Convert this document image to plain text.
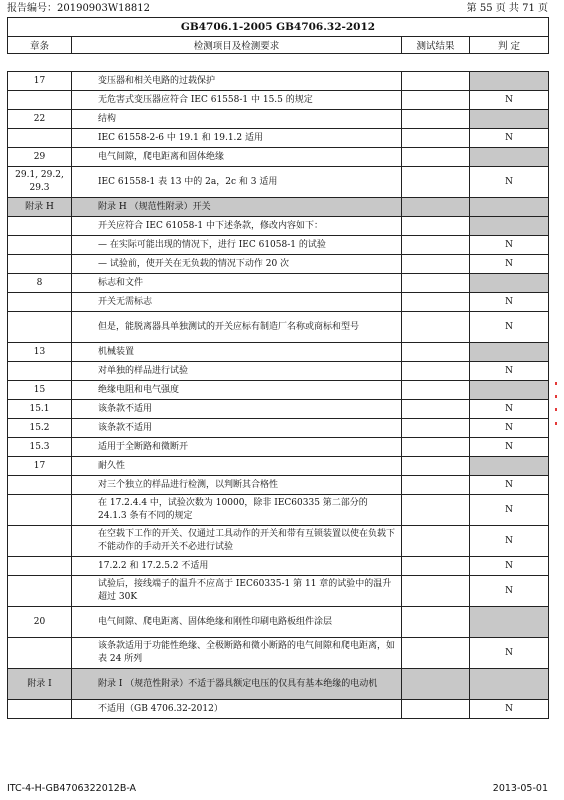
报告编号：20190903W18812	第 55 页 共 71 页
GB4706.1-2005 GB4706.32-2012
章条	检测项目及检测要求	测试结果	判 定
17	变压器和相关电路的过载保护		
	无危害式变压器应符合 IEC 61558-1 中 15.5 的规定		N
22	结构		
	IEC 61558-2-6 中 19.1 和 19.1.2 适用		N
29	电气间隙，爬电距离和固体绝缘		
29.1, 29.2, 29.3	IEC 61558-1 表 13 中的 2a，2c 和 3 适用		N
附录 H	附录 H （规范性附录）开关		
	开关应符合 IEC 61058-1 中下述条款，修改内容如下：		
	— 在实际可能出现的情况下，进行 IEC 61058-1 的试验		N
	— 试验前，使开关在无负载的情况下动作 20 次		N
8	标志和文件		
	开关无需标志		N
	但是，能脱离器具单独测试的开关应标有制造厂名称或商标和型号		N
13	机械装置		
	对单独的样品进行试验		N
15	绝缘电阻和电气强度		
15.1	该条款不适用		N
15.2	该条款不适用		N
15.3	适用于全断路和微断开		N
17	耐久性		
	对三个独立的样品进行检测，以判断其合格性		N
	在 17.2.4.4 中，试验次数为 10000，除非 IEC60335 第二部分的 24.1.3 条有不同的规定		N
	在空载下工作的开关、仅通过工具动作的开关和带有互锁装置以使在负载下不能动作的手动开关不必进行试验		N
	17.2.2 和 17.2.5.2 不适用		N
	试验后，接线端子的温升不应高于 IEC60335-1 第 11 章的试验中的温升超过 30K		N
20	电气间隙、爬电距离、固体绝缘和刚性印刷电路板组件涂层		
	该条款适用于功能性绝缘、全极断路和微小断路的电气间隙和爬电距离，如表 24 所列		N
附录 I	附录 I （规范性附录）不适于器具额定电压的仅具有基本绝缘的电动机		
	不适用（GB 4706.32-2012）		N
ITC-4-H-GB4706322012B-A	2013-05-01
